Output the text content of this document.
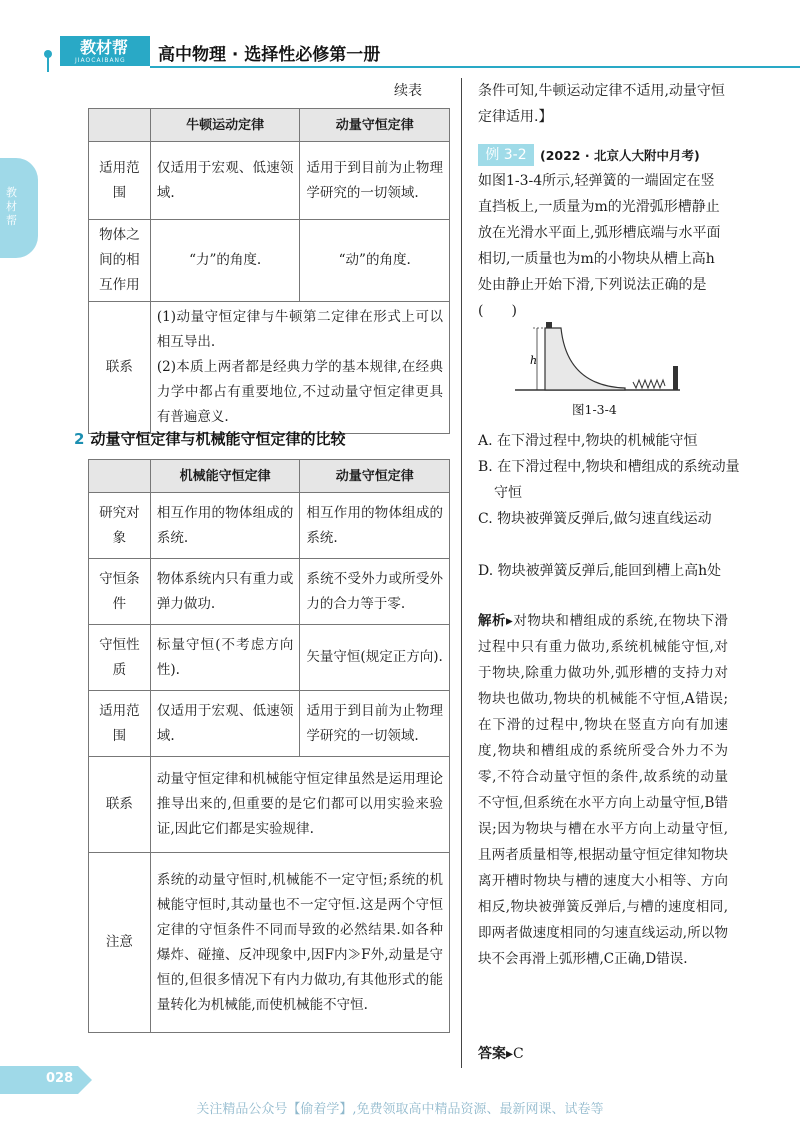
教材帮
JIAOCAIBANG 高中物理 · 选择性必修第一册
教材帮
续表
	牛顿运动定律	动量守恒定律
适用范围	仅适用于宏观、低速领域.	适用于到目前为止物理学研究的一切领域.
物体之间的相互作用	“力”的角度.	“动”的角度.
联系	(1)动量守恒定律与牛顿第二定律在形式上可以相互导出.
(2)本质上两者都是经典力学的基本规律,在经典力学中都占有重要地位,不过动量守恒定律更具有普遍意义.	
2 动量守恒定律与机械能守恒定律的比较
	机械能守恒定律	动量守恒定律
研究对象	相互作用的物体组成的系统.	相互作用的物体组成的系统.
守恒条件	物体系统内只有重力或弹力做功.	系统不受外力或所受外力的合力等于零.
守恒性质	标量守恒(不考虑方向性).	矢量守恒(规定正方向).
适用范围	仅适用于宏观、低速领域.	适用于到目前为止物理学研究的一切领域.
联系	动量守恒定律和机械能守恒定律虽然是运用理论推导出来的,但重要的是它们都可以用实验来验证,因此它们都是实验规律.	
注意	系统的动量守恒时,机械能不一定守恒;系统的机械能守恒时,其动量也不一定守恒.这是两个守恒定律的守恒条件不同而导致的必然结果.如各种爆炸、碰撞、反冲现象中,因F内≫F外,动量是守恒的,但很多情况下有内力做功,有其他形式的能量转化为机械能,而使机械能不守恒.	
条件可知,牛顿运动定律不适用,动量守恒定律适用.】
例 3-2	(2022 · 北京人大附中月考)
如图1-3-4所示,轻弹簧的一端固定在竖直挡板上,一质量为m的光滑弧形槽静止放在光滑水平面上,弧形槽底端与水平面相切,一质量也为m的小物块从槽上高h处由静止开始下滑,下列说法正确的是　　(　　)
h
图1-3-4
A. 在下滑过程中,物块的机械能守恒
B. 在下滑过程中,物块和槽组成的系统动量守恒
C. 物块被弹簧反弹后,做匀速直线运动
D. 物块被弹簧反弹后,能回到槽上高h处
解析▸对物块和槽组成的系统,在物块下滑过程中只有重力做功,系统机械能守恒,对于物块,除重力做功外,弧形槽的支持力对物块也做功,物块的机械能不守恒,A错误;在下滑的过程中,物块在竖直方向有加速度,物块和槽组成的系统所受合外力不为零,不符合动量守恒的条件,故系统的动量不守恒,但系统在水平方向上动量守恒,B错误;因为物块与槽在水平方向上动量守恒,且两者质量相等,根据动量守恒定律知物块离开槽时物块与槽的速度大小相等、方向相反,物块被弹簧反弹后,与槽的速度相同,即两者做速度相同的匀速直线运动,所以物块不会再滑上弧形槽,C正确,D错误.
答案▸C
028
关注精品公众号【偷着学】,免费领取高中精品资源、最新网课、试卷等
